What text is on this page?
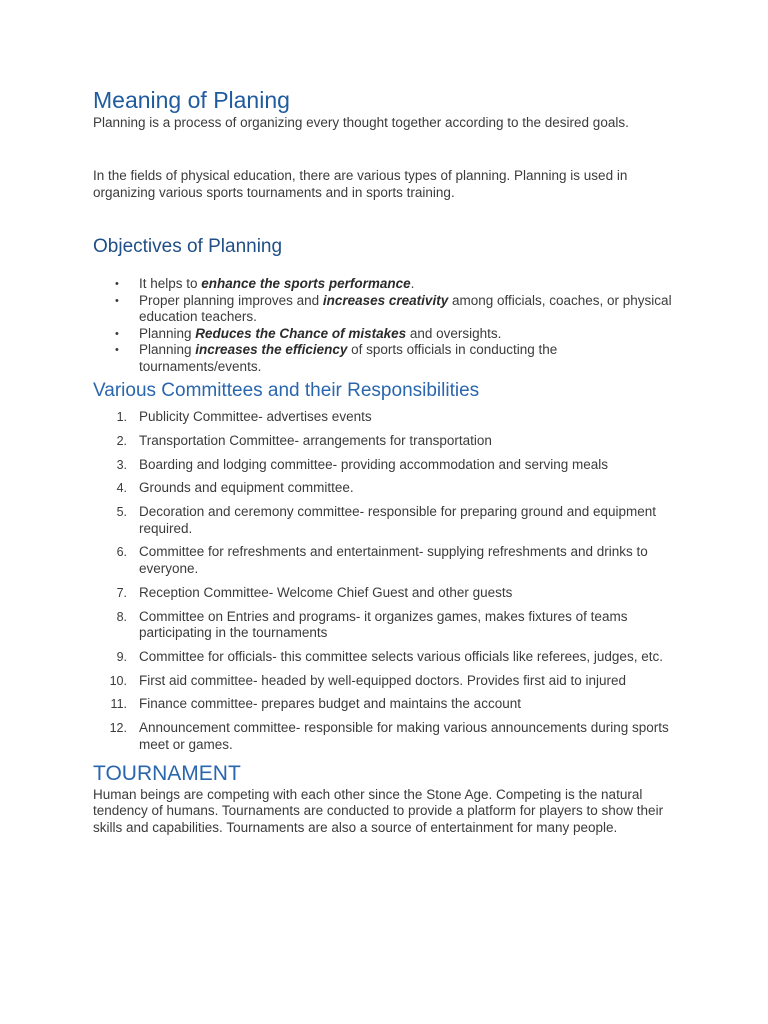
Meaning of Planing

Planning is a process of organizing every thought together according to the desired goals.

In the fields of physical education, there are various types of planning. Planning is used in organizing various sports tournaments and in sports training.

Objectives of Planning
• It helps to enhance the sports performance.
• Proper planning improves and increases creativity among officials, coaches, or physical education teachers.
• Planning Reduces the Chance of mistakes and oversights.
• Planning increases the efficiency of sports officials in conducting the tournaments/events.
Various Committees and their Responsibilities
1. Publicity Committee- advertises events
2. Transportation Committee- arrangements for transportation
3. Boarding and lodging committee- providing accommodation and serving meals
4. Grounds and equipment committee.
5. Decoration and ceremony committee- responsible for preparing ground and equipment required.
6. Committee for refreshments and entertainment- supplying refreshments and drinks to everyone.
7. Reception Committee- Welcome Chief Guest and other guests
8. Committee on Entries and programs- it organizes games, makes fixtures of teams participating in the tournaments
9. Committee for officials- this committee selects various officials like referees, judges, etc.
10. First aid committee- headed by well-equipped doctors. Provides first aid to injured
11. Finance committee- prepares budget and maintains the account
12. Announcement committee- responsible for making various announcements during sports meet or games.
TOURNAMENT

Human beings are competing with each other since the Stone Age. Competing is the natural tendency of humans. Tournaments are conducted to provide a platform for players to show their skills and capabilities. Tournaments are also a source of entertainment for many people.
